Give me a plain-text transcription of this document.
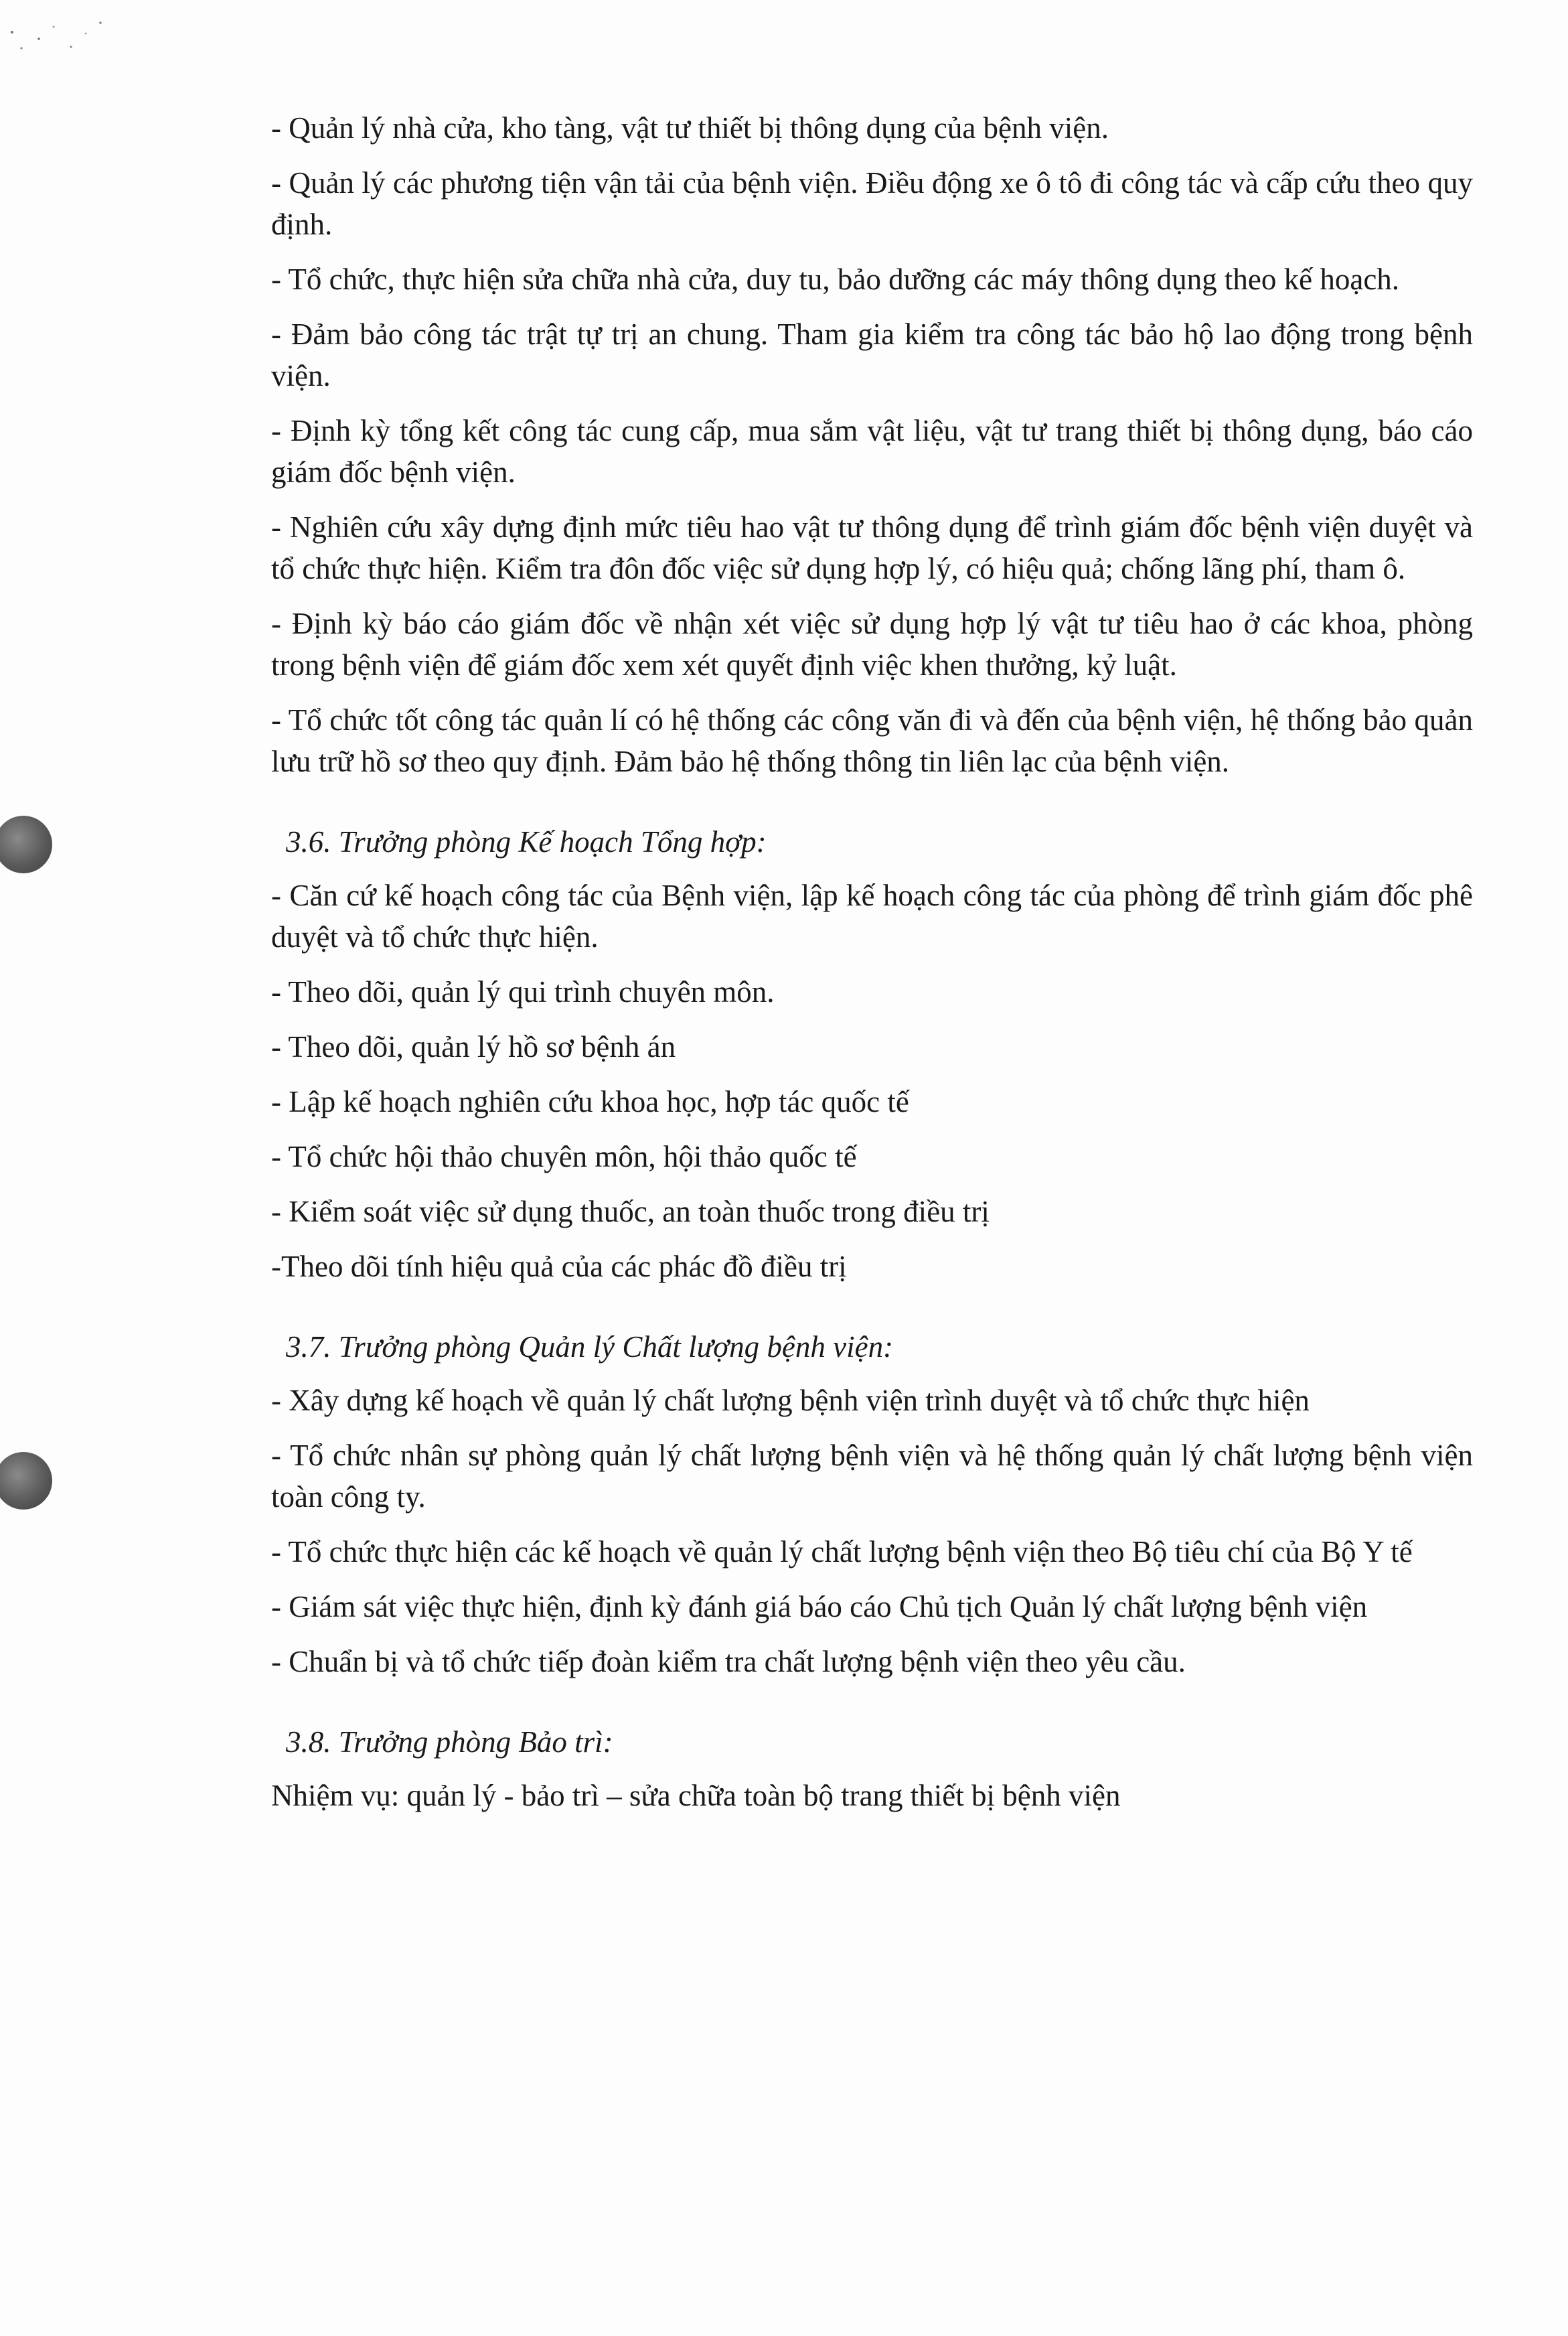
- Quản lý nhà cửa, kho tàng, vật tư thiết bị thông dụng của bệnh viện.

- Quản lý các phương tiện vận tải của bệnh viện. Điều động xe ô tô đi công tác và cấp cứu theo quy định.

- Tổ chức, thực hiện sửa chữa nhà cửa, duy tu, bảo dưỡng các máy thông dụng theo kế hoạch.

- Đảm bảo công tác trật tự trị an chung. Tham gia kiểm tra công tác bảo hộ lao động trong bệnh viện.

- Định kỳ tổng kết công tác cung cấp, mua sắm vật liệu, vật tư trang thiết bị thông dụng, báo cáo giám đốc bệnh viện.

- Nghiên cứu xây dựng định mức tiêu hao vật tư thông dụng để trình giám đốc bệnh viện duyệt và tổ chức thực hiện. Kiểm tra đôn đốc việc sử dụng hợp lý, có hiệu quả; chống lãng phí, tham ô.

- Định kỳ báo cáo giám đốc về nhận xét việc sử dụng hợp lý vật tư tiêu hao ở các khoa, phòng trong bệnh viện để giám đốc xem xét quyết định việc khen thưởng, kỷ luật.

- Tổ chức tốt công tác quản lí có hệ thống các công văn đi và đến của bệnh viện, hệ thống bảo quản lưu trữ hồ sơ theo quy định. Đảm bảo hệ thống thông tin liên lạc của bệnh viện.

3.6. Trưởng phòng Kế hoạch Tổng hợp:

- Căn cứ kế hoạch công tác của Bệnh viện, lập kế hoạch công tác của phòng để trình giám đốc phê duyệt và tổ chức thực hiện.

- Theo dõi, quản lý qui trình chuyên môn.

- Theo dõi, quản lý hồ sơ bệnh án

- Lập kế hoạch nghiên cứu khoa học, hợp tác quốc tế

- Tổ chức hội thảo chuyên môn, hội thảo quốc tế

- Kiểm soát việc sử dụng thuốc, an toàn thuốc trong điều trị

-Theo dõi tính hiệu quả của các phác đồ điều trị

3.7. Trưởng phòng Quản lý Chất lượng bệnh viện:

- Xây dựng kế hoạch về quản lý chất lượng bệnh viện trình duyệt và tổ chức thực hiện

- Tổ chức nhân sự phòng quản lý chất lượng bệnh viện và hệ thống quản lý chất lượng bệnh viện toàn công ty.

- Tổ chức thực hiện các kế hoạch về quản lý chất lượng bệnh viện theo Bộ tiêu chí của Bộ Y tế

- Giám sát việc thực hiện, định kỳ đánh giá báo cáo Chủ tịch Quản lý chất lượng bệnh viện

- Chuẩn bị và tổ chức tiếp đoàn kiểm tra chất lượng bệnh viện theo yêu cầu.

3.8. Trưởng phòng Bảo trì:

Nhiệm vụ: quản lý - bảo trì – sửa chữa toàn bộ trang thiết bị bệnh viện
